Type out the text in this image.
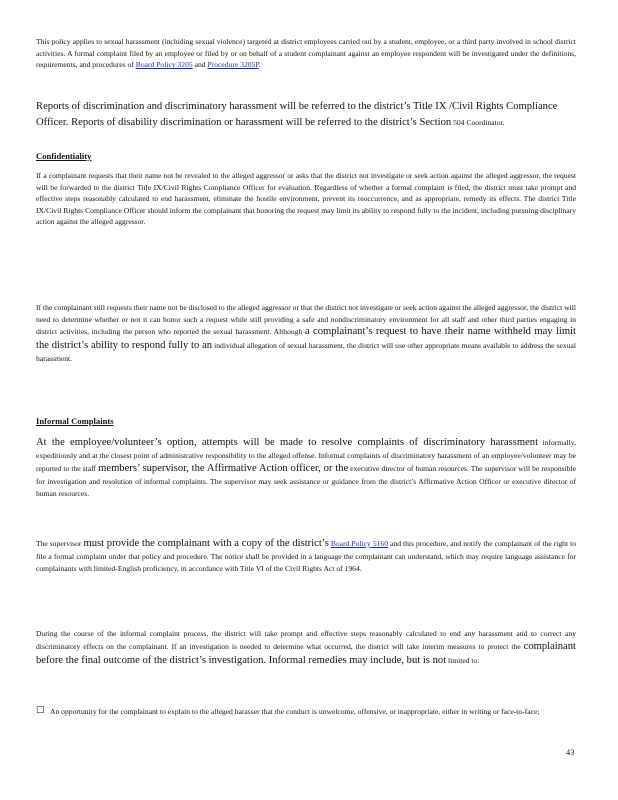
This policy applies to sexual harassment (including sexual violence) targeted at district employees carried out by a student, employee, or a third party involved in school district activities. A formal complaint filed by an employee or filed by or on behalf of a student complainant against an employee respondent will be investigated under the definitions, requirements, and procedures of Board Policy 3205 and Procedure 3205P.

Reports of discrimination and discriminatory harassment will be referred to the district’s Title IX /Civil Rights Compliance Officer. Reports of disability discrimination or harassment will be referred to the district’s Section 504 Coordinator.

Confidentiality

If a complainant requests that their name not be revealed to the alleged aggressor or asks that the district not investigate or seek action against the alleged aggressor, the request will be forwarded to the district Title IX/Civil Rights Compliance Officer for evaluation. Regardless of whether a formal complaint is filed, the district must take prompt and effective steps reasonably calculated to end harassment, eliminate the hostile environment, prevent its reoccurrence, and as appropriate, remedy its effects. The district Title IX/Civil Rights Compliance Officer should inform the complainant that honoring the request may limit its ability to respond fully to the incident, including pursuing disciplinary action against the alleged aggressor.

If the complainant still requests their name not be disclosed to the alleged aggressor or that the district not investigate or seek action against the alleged aggressor, the district will need to determine whether or not it can honor such a request while still providing a safe and nondiscriminatory environment for all staff and other third parties engaging in district activities, including the person who reported the sexual harassment. Although a complainant’s request to have their name withheld may limit the district’s ability to respond fully to an individual allegation of sexual harassment, the district will use other appropriate means available to address the sexual harassment.

Informal Complaints

At the employee/volunteer’s option, attempts will be made to resolve complaints of discriminatory harassment informally, expeditiously and at the closest point of administrative responsibility to the alleged offense. Informal complaints of discriminatory harassment of an employee/volunteer may be reported to the staff members’ supervisor, the Affirmative Action officer, or the executive director of human resources. The supervisor will be responsible for investigation and resolution of informal complaints. The supervisor may seek assistance or guidance from the district’s Affirmative Action Officer or executive director of human resources.

The supervisor must provide the complainant with a copy of the district’s Board Policy 5160 and this procedure, and notify the complainant of the right to file a formal complaint under that policy and procedure. The notice shall be provided in a language the complainant can understand, which may require language assistance for complainants with limited-English proficiency, in accordance with Title VI of the Civil Rights Act of 1964.

During the course of the informal complaint process, the district will take prompt and effective steps reasonably calculated to end any harassment and to correct any discriminatory effects on the complainant. If an investigation is needed to determine what occurred, the district will take interim measures to protect the complainant before the final outcome of the district’s investigation. Informal remedies may include, but is not limited to:

□ An opportunity for the complainant to explain to the alleged harasser that the conduct is unwelcome, offensive, or inappropriate, either in writing or face-to-face;

43
